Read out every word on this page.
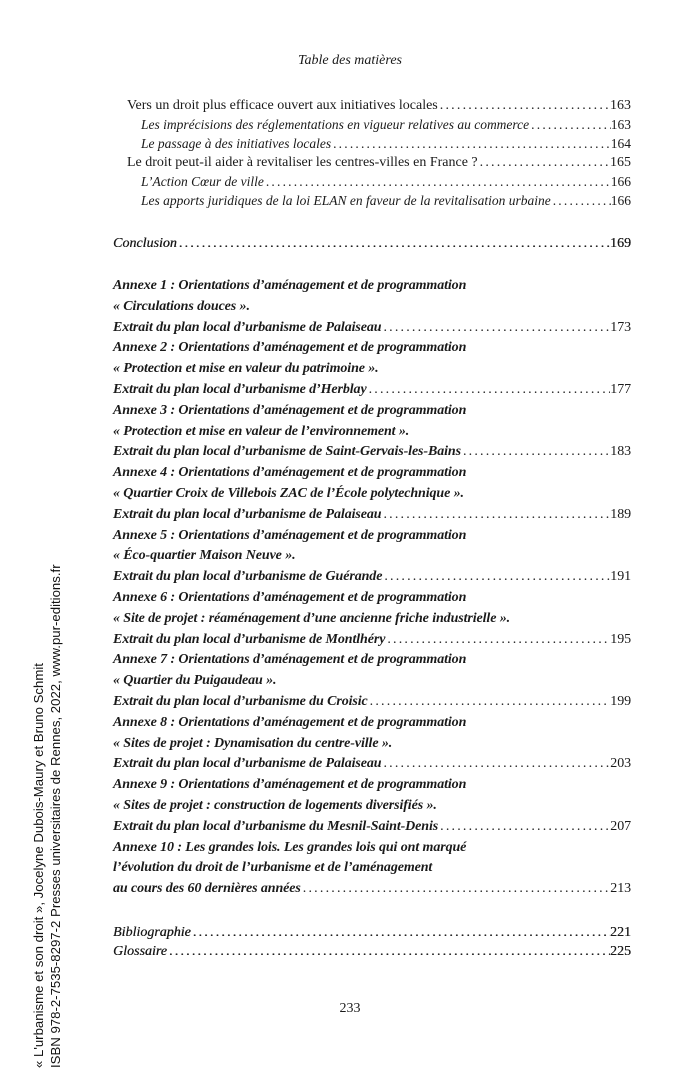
Table des matières
Vers un droit plus efficace ouvert aux initiatives locales .....	163
Les imprécisions des réglementations en vigueur relatives au commerce .....	163
Le passage à des initiatives locales .....	164
Le droit peut-il aider à revitaliser les centres-villes en France ? .....	165
L’Action Cœur de ville .....	166
Les apports juridiques de la loi ELAN en faveur de la revitalisation urbaine .....	166
Conclusion .....	169
Annexe 1 : Orientations d’aménagement et de programmation
« Circulations douces ».
Extrait du plan local d’urbanisme de Palaiseau .....	173
Annexe 2 : Orientations d’aménagement et de programmation
« Protection et mise en valeur du patrimoine ».
Extrait du plan local d’urbanisme d’Herblay .....	177
Annexe 3 : Orientations d’aménagement et de programmation
« Protection et mise en valeur de l’environnement ».
Extrait du plan local d’urbanisme de Saint-Gervais-les-Bains .....	183
Annexe 4 : Orientations d’aménagement et de programmation
« Quartier Croix de Villebois ZAC de l’École polytechnique ».
Extrait du plan local d’urbanisme de Palaiseau .....	189
Annexe 5 : Orientations d’aménagement et de programmation
« Éco-quartier Maison Neuve ».
Extrait du plan local d’urbanisme de Guérande .....	191
Annexe 6 : Orientations d’aménagement et de programmation
« Site de projet : réaménagement d’une ancienne friche industrielle ».
Extrait du plan local d’urbanisme de Montlhéry .....	195
Annexe 7 : Orientations d’aménagement et de programmation
« Quartier du Puigaudeau ».
Extrait du plan local d’urbanisme du Croisic .....	199
Annexe 8 : Orientations d’aménagement et de programmation
« Sites de projet : Dynamisation du centre-ville ».
Extrait du plan local d’urbanisme de Palaiseau .....	203
Annexe 9 : Orientations d’aménagement et de programmation
« Sites de projet : construction de logements diversifiés ».
Extrait du plan local d’urbanisme du Mesnil-Saint-Denis .....	207
Annexe 10 : Les grandes lois. Les grandes lois qui ont marqué
l’évolution du droit de l’urbanisme et de l’aménagement
au cours des 60 dernières années .....	213
Bibliographie .....	221
Glossaire .....	225
233
« L'urbanisme et son droit », Jocelyne Dubois-Maury et Bruno Schmit ISBN 978-2-7535-8297-2 Presses universitaires de Rennes, 2022, www.pur-editions.fr
